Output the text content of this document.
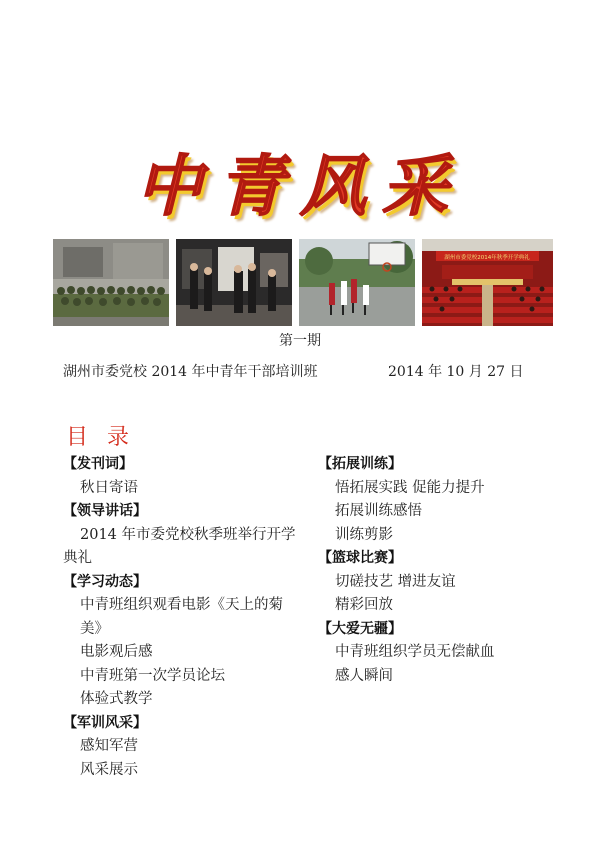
中青风采
湖州市委党校2014年秋季开学典礼
第一期
湖州市委党校 2014 年中青年干部培训班	2014 年 10 月 27 日
目 录
【发刊词】
秋日寄语
【领导讲话】
2014 年市委党校秋季班举行开学典礼
【学习动态】
中青班组织观看电影《天上的菊美》
电影观后感
中青班第一次学员论坛
体验式教学
【军训风采】
感知军营
风采展示
【拓展训练】
悟拓展实践 促能力提升
拓展训练感悟
训练剪影
【篮球比赛】
切磋技艺 增进友谊
精彩回放
【大爱无疆】
中青班组织学员无偿献血
感人瞬间
